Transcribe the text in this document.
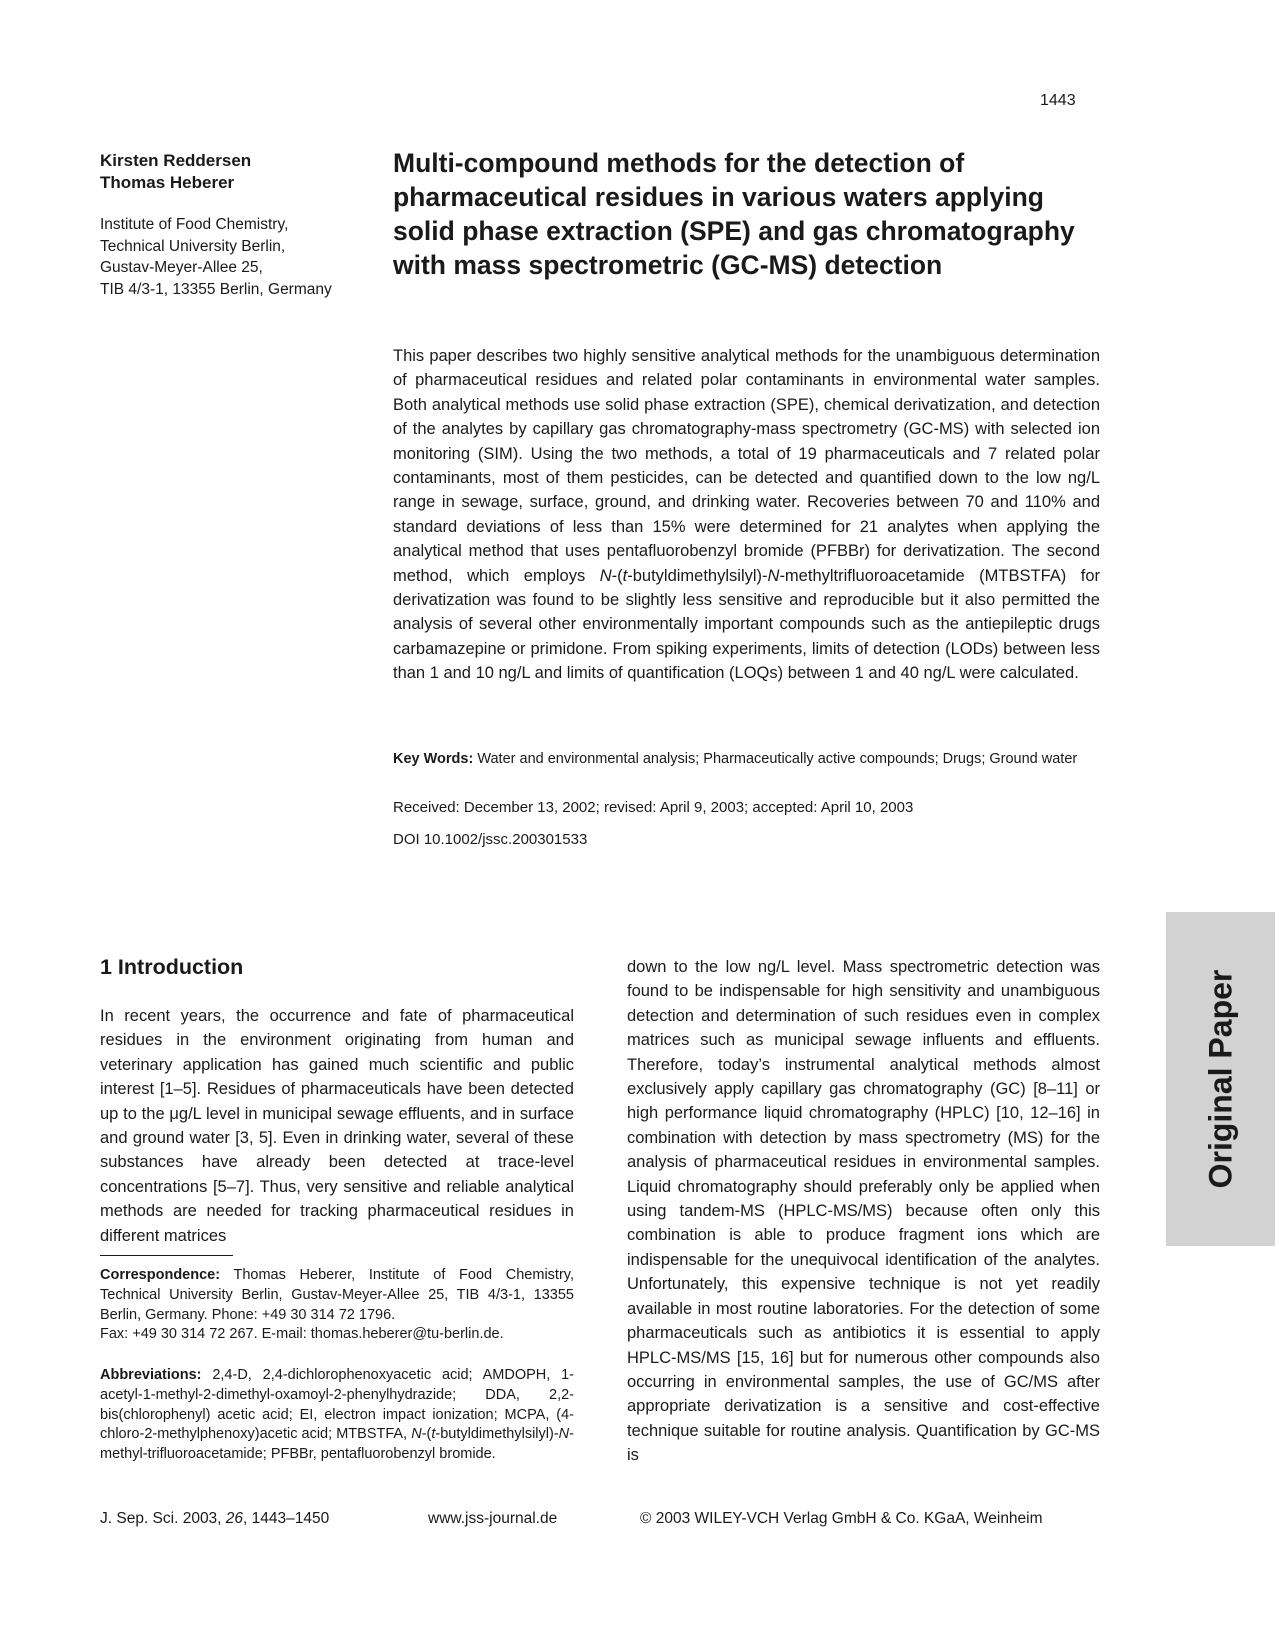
1443
Kirsten Reddersen
Thomas Heberer
Institute of Food Chemistry,
Technical University Berlin,
Gustav-Meyer-Allee 25,
TIB 4/3-1, 13355 Berlin, Germany
Multi-compound methods for the detection of pharmaceutical residues in various waters applying solid phase extraction (SPE) and gas chromatography with mass spectrometric (GC-MS) detection

This paper describes two highly sensitive analytical methods for the unambiguous determination of pharmaceutical residues and related polar contaminants in environmental water samples. Both analytical methods use solid phase extraction (SPE), chemical derivatization, and detection of the analytes by capillary gas chromatography-mass spectrometry (GC-MS) with selected ion monitoring (SIM). Using the two methods, a total of 19 pharmaceuticals and 7 related polar contaminants, most of them pesticides, can be detected and quantified down to the low ng/L range in sewage, surface, ground, and drinking water. Recoveries between 70 and 110% and standard deviations of less than 15% were determined for 21 analytes when applying the analytical method that uses pentafluorobenzyl bromide (PFBBr) for derivatization. The second method, which employs N-(t-butyldimethylsilyl)-N-methyltrifluoroacetamide (MTBSTFA) for derivatization was found to be slightly less sensitive and reproducible but it also permitted the analysis of several other environmentally important compounds such as the antiepileptic drugs carbamazepine or primidone. From spiking experiments, limits of detection (LODs) between less than 1 and 10 ng/L and limits of quantification (LOQs) between 1 and 40 ng/L were calculated.

Key Words: Water and environmental analysis; Pharmaceutically active compounds; Drugs; Ground water

Received: December 13, 2002; revised: April 9, 2003; accepted: April 10, 2003
DOI 10.1002/jssc.200301533
1 Introduction

In recent years, the occurrence and fate of pharmaceutical residues in the environment originating from human and veterinary application has gained much scientific and public interest [1–5]. Residues of pharmaceuticals have been detected up to the μg/L level in municipal sewage effluents, and in surface and ground water [3, 5]. Even in drinking water, several of these substances have already been detected at trace-level concentrations [5–7]. Thus, very sensitive and reliable analytical methods are needed for tracking pharmaceutical residues in different matrices

Correspondence: Thomas Heberer, Institute of Food Chemistry, Technical University Berlin, Gustav-Meyer-Allee 25, TIB 4/3-1, 13355 Berlin, Germany. Phone: +49 30 314 72 1796.
Fax: +49 30 314 72 267. E-mail: thomas.heberer@tu-berlin.de.

Abbreviations: 2,4-D, 2,4-dichlorophenoxyacetic acid; AMDOPH, 1-acetyl-1-methyl-2-dimethyl-oxamoyl-2-phenylhydrazide; DDA, 2,2-bis(chlorophenyl) acetic acid; EI, electron impact ionization; MCPA, (4-chloro-2-methylphenoxy)acetic acid; MTBSTFA, N-(t-butyldimethylsilyl)-N-methyl-trifluoroacetamide; PFBBr, pentafluorobenzyl bromide.

down to the low ng/L level. Mass spectrometric detection was found to be indispensable for high sensitivity and unambiguous detection and determination of such residues even in complex matrices such as municipal sewage influents and effluents. Therefore, today’s instrumental analytical methods almost exclusively apply capillary gas chromatography (GC) [8–11] or high performance liquid chromatography (HPLC) [10, 12–16] in combination with detection by mass spectrometry (MS) for the analysis of pharmaceutical residues in environmental samples. Liquid chromatography should preferably only be applied when using tandem-MS (HPLC-MS/MS) because often only this combination is able to produce fragment ions which are indispensable for the unequivocal identification of the analytes. Unfortunately, this expensive technique is not yet readily available in most routine laboratories. For the detection of some pharmaceuticals such as antibiotics it is essential to apply HPLC-MS/MS [15, 16] but for numerous other compounds also occurring in environmental samples, the use of GC/MS after appropriate derivatization is a sensitive and cost-effective technique suitable for routine analysis. Quantification by GC-MS is

J. Sep. Sci. 2003, 26, 1443–1450	www.jss-journal.de	© 2003 WILEY-VCH Verlag GmbH & Co. KGaA, Weinheim
Original Paper
